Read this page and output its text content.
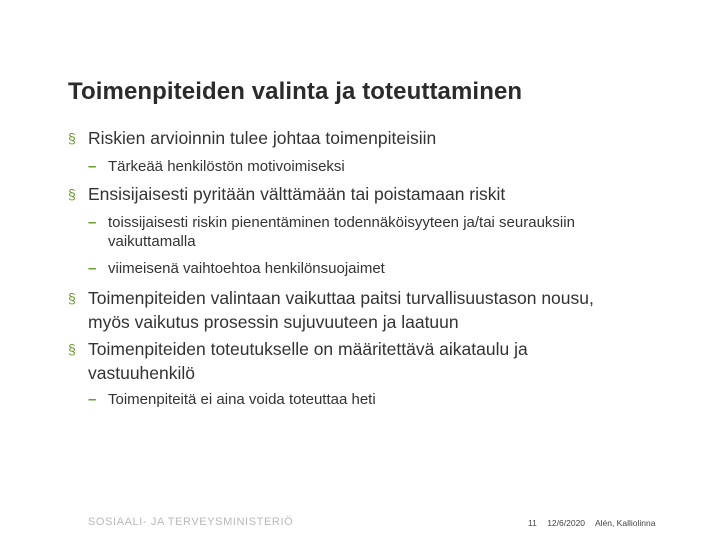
Toimenpiteiden valinta ja toteuttaminen
§ Riskien arvioinnin tulee johtaa toimenpiteisiin
– Tärkeää henkilöstön motivoimiseksi
§ Ensisijaisesti pyritään välttämään tai poistamaan riskit
– toissijaisesti riskin pienentäminen todennäköisyyteen ja/tai seurauksiin vaikuttamalla
– viimeisenä vaihtoehtoa henkilönsuojaimet
§ Toimenpiteiden valintaan vaikuttaa paitsi turvallisuustason nousu, myös vaikutus prosessin sujuvuuteen ja laatuun
§ Toimenpiteiden toteutukselle on määritettävä aikataulu ja vastuuhenkilö
– Toimenpiteitä ei aina voida toteuttaa heti
SOSIAALI- JA TERVEYSMINISTERIÖ	11 12/6/2020 Alén, Kalliolinna
